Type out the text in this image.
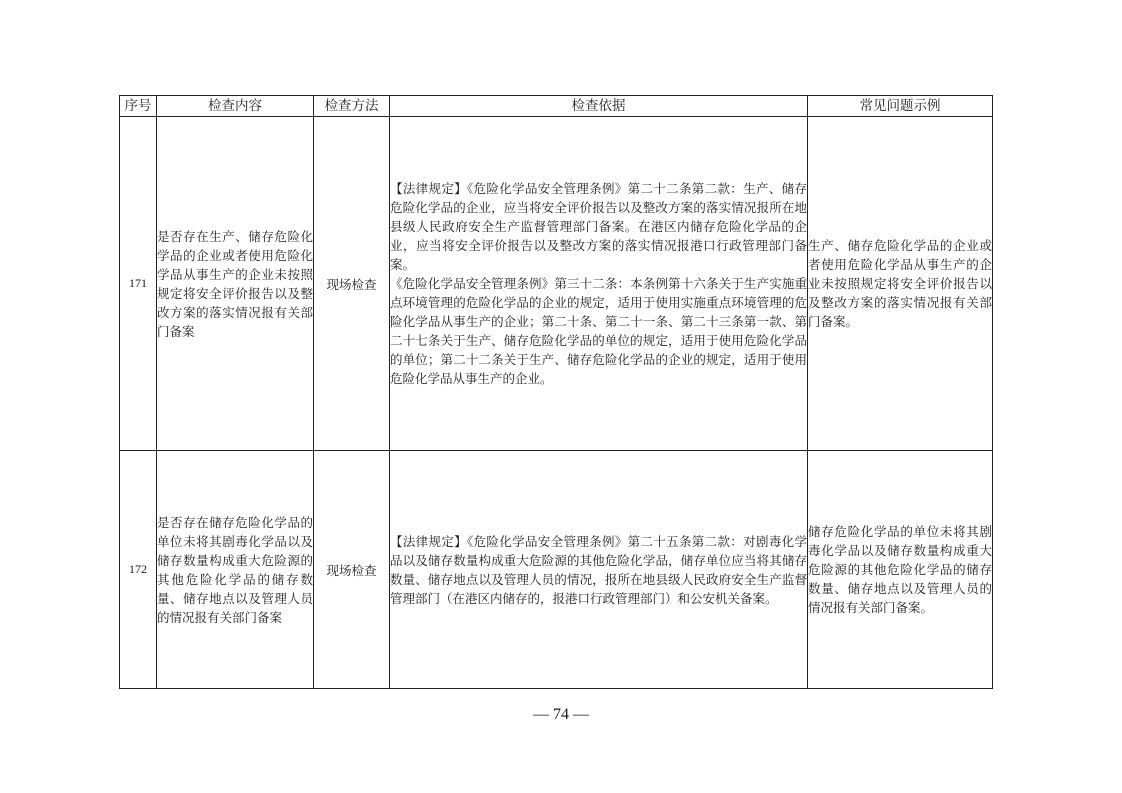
序号	检查内容	检查方法	检查依据	常见问题示例
171	是否存在生产、储存危险化学品的企业或者使用危险化学品从事生产的企业未按照规定将安全评价报告以及整改方案的落实情况报有关部门备案	现场检查	【法律规定】《危险化学品安全管理条例》第二十二条第二款：生产、储存危险化学品的企业，应当将安全评价报告以及整改方案的落实情况报所在地县级人民政府安全生产监督管理部门备案。在港区内储存危险化学品的企业，应当将安全评价报告以及整改方案的落实情况报港口行政管理部门备案。
《危险化学品安全管理条例》第三十二条：本条例第十六条关于生产实施重点环境管理的危险化学品的企业的规定，适用于使用实施重点环境管理的危险化学品从事生产的企业；第二十条、第二十一条、第二十三条第一款、第二十七条关于生产、储存危险化学品的单位的规定，适用于使用危险化学品的单位；第二十二条关于生产、储存危险化学品的企业的规定，适用于使用危险化学品从事生产的企业。	生产、储存危险化学品的企业或者使用危险化学品从事生产的企业未按照规定将安全评价报告以及整改方案的落实情况报有关部门备案。
172	是否存在储存危险化学品的单位未将其剧毒化学品以及储存数量构成重大危险源的其他危险化学品的储存数量、储存地点以及管理人员的情况报有关部门备案	现场检查	【法律规定】《危险化学品安全管理条例》第二十五条第二款：对剧毒化学品以及储存数量构成重大危险源的其他危险化学品，储存单位应当将其储存数量、储存地点以及管理人员的情况，报所在地县级人民政府安全生产监督管理部门（在港区内储存的，报港口行政管理部门）和公安机关备案。	储存危险化学品的单位未将其剧毒化学品以及储存数量构成重大危险源的其他危险化学品的储存数量、储存地点以及管理人员的情况报有关部门备案。
— 74 —
